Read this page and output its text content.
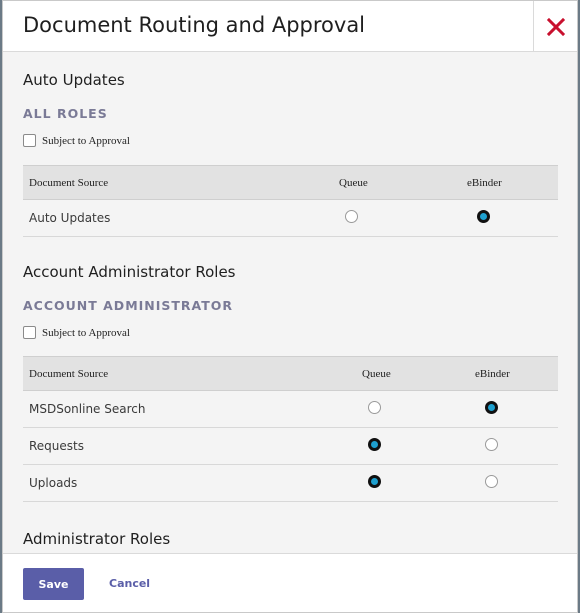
Document Routing and Approval
Auto Updates
ALL ROLES
Subject to Approval
Document Source	Queue	eBinder
Auto Updates
Account Administrator Roles
ACCOUNT ADMINISTRATOR
Subject to Approval
Document Source	Queue	eBinder
MSDSonline Search
Requests
Uploads
Administrator Roles
Save	Cancel
